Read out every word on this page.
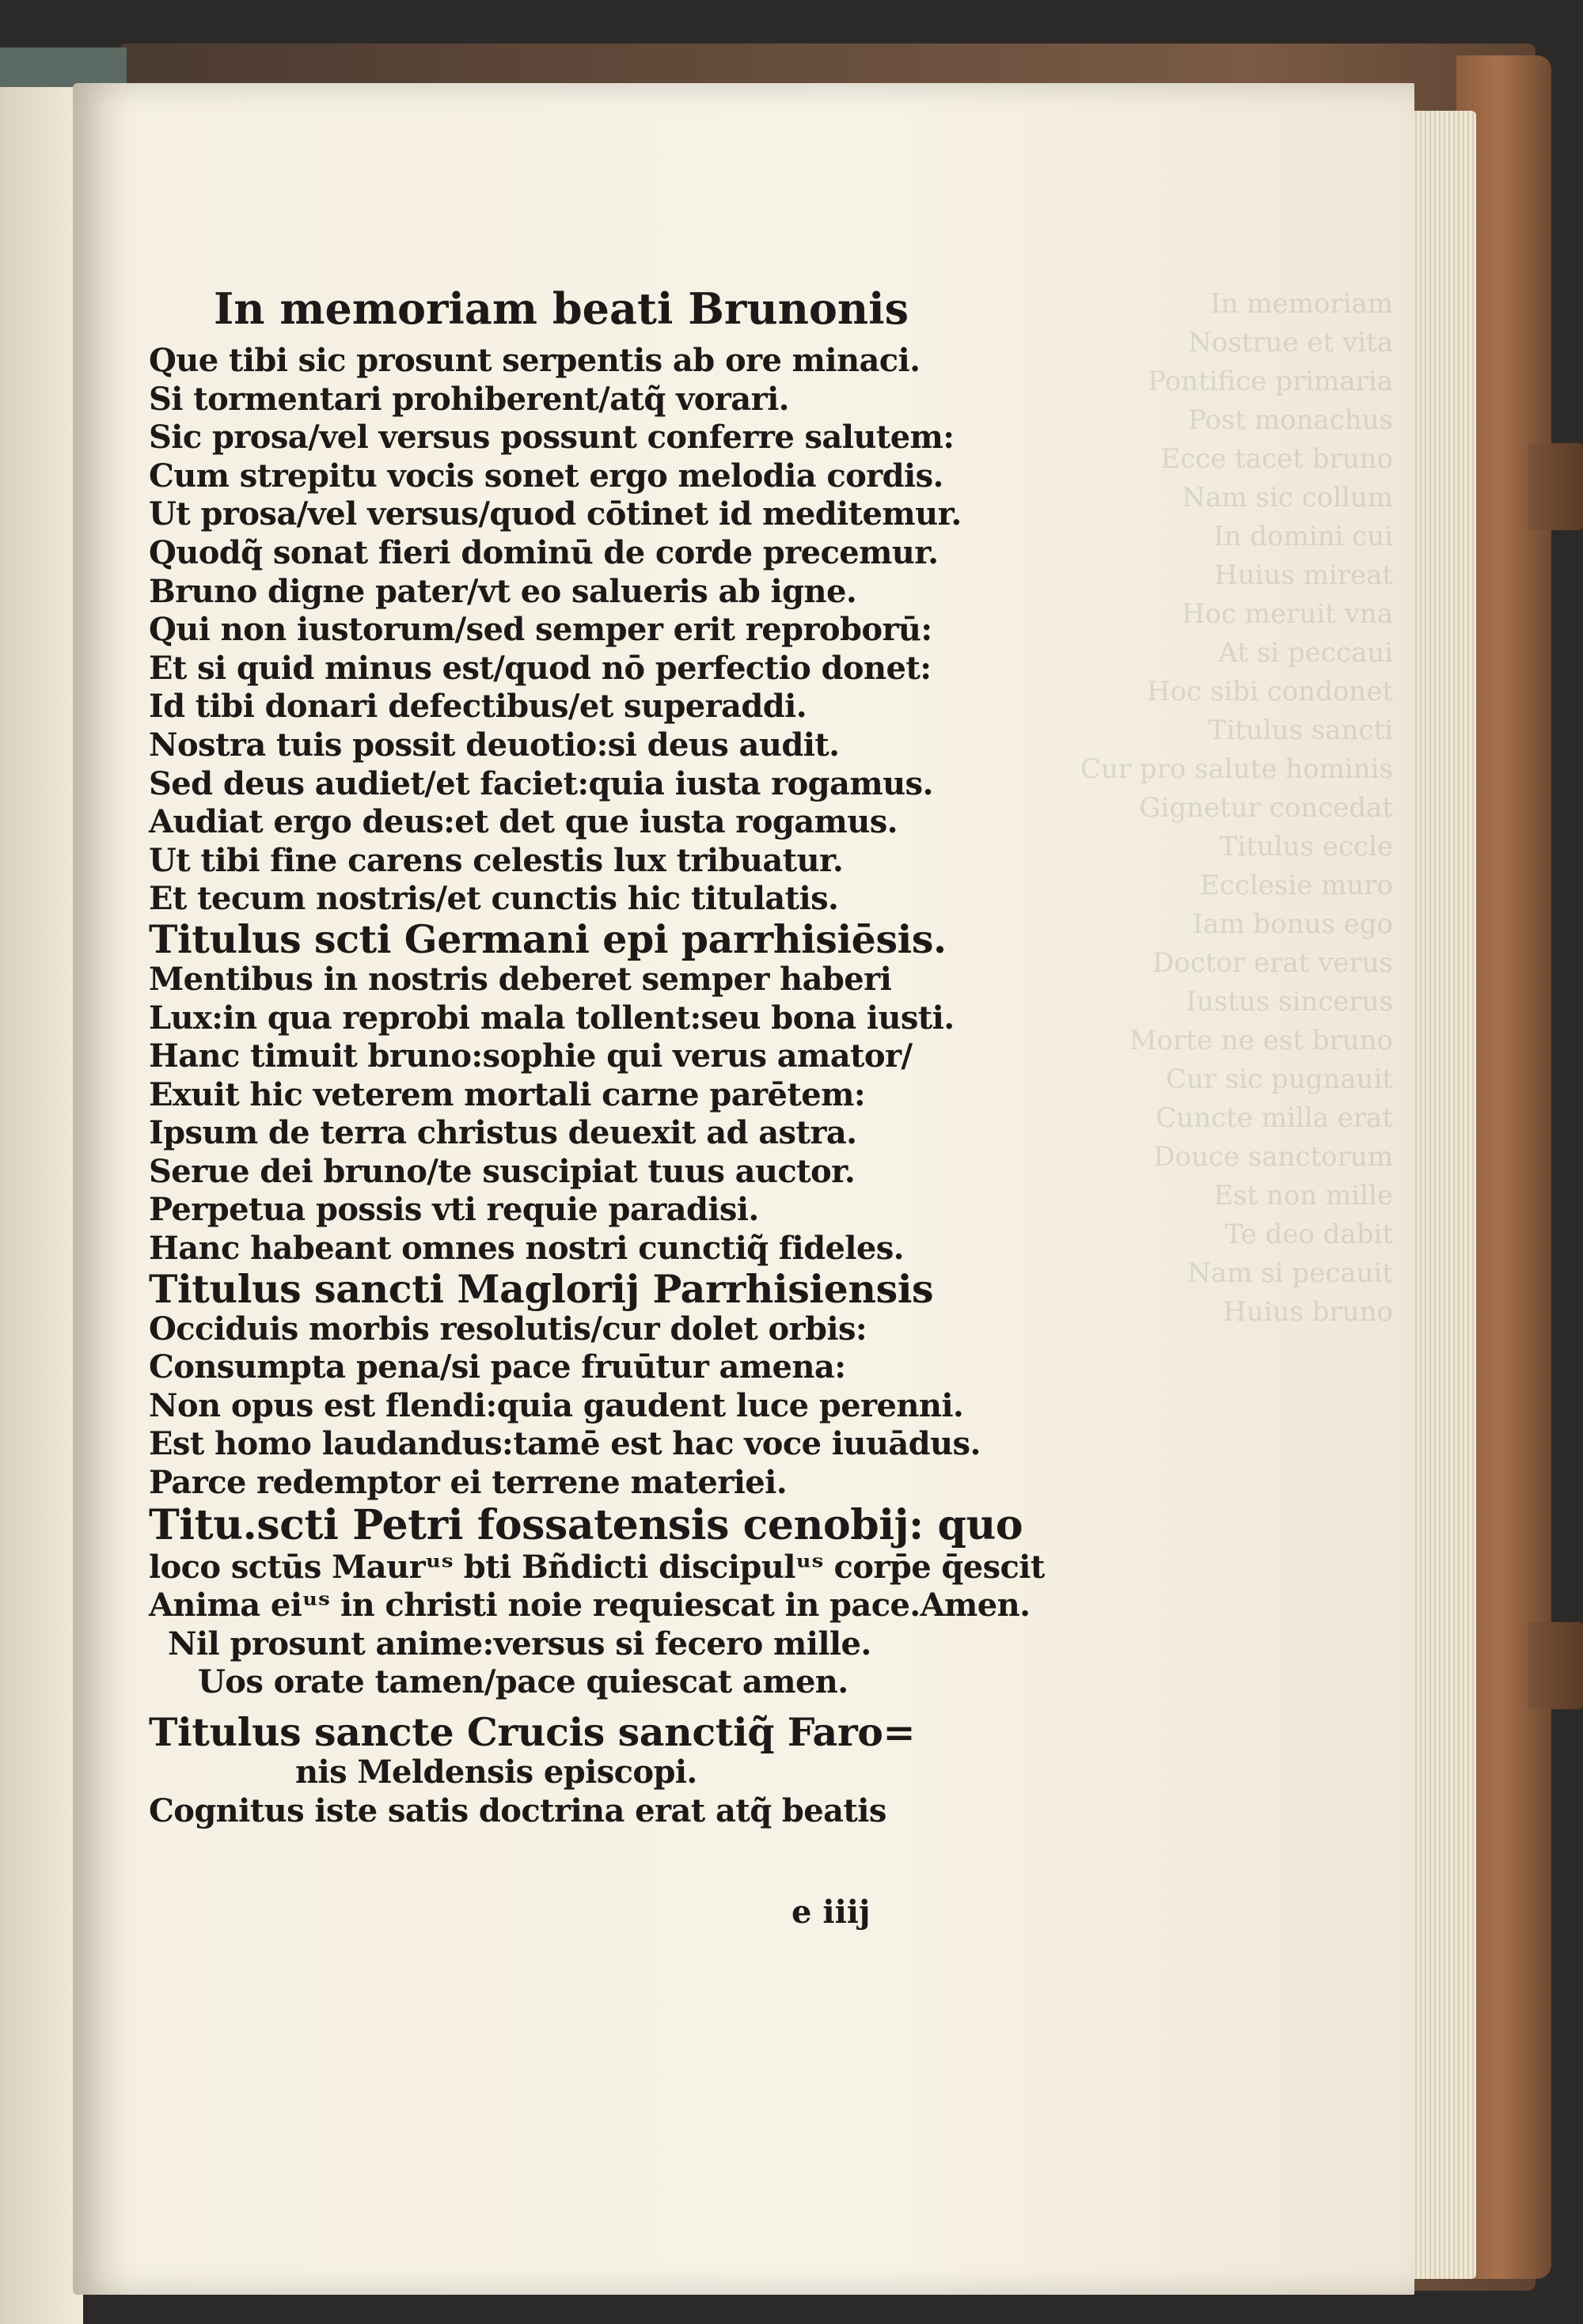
In memoriam
Nostrue et vita
Pontifice primaria
Post monachus
Ecce tacet bruno
Nam sic collum
In domini cui
Huius mireat
Hoc meruit vna
At si peccaui
Hoc sibi condonet
Titulus sancti
Cur pro salute hominis
Gignetur concedat
Titulus eccle
Ecclesie muro
Iam bonus ego
Doctor erat verus
Iustus sincerus
Morte ne est bruno
Cur sic pugnauit
Cuncte milla erat
Douce sanctorum
Est non mille
Te deo dabit
Nam si pecauit
Huius bruno
In memoriam beati Brunonis
Que tibi sic prosunt serpentis ab ore minaci.
Si tormentari prohiberent/atq̃ vorari.
Sic prosa/vel versus possunt conferre salutem:
Cum strepitu vocis sonet ergo melodia cordis.
Ut prosa/vel versus/quod cōtinet id meditemur.
Quodq̃ sonat fieri dominū de corde precemur.
Bruno digne pater/vt eo salueris ab igne.
Qui non iustorum/sed semper erit reproborū:
Et si quid minus est/quod nō perfectio donet:
Id tibi donari defectibus/et superaddi.
Nostra tuis possit deuotio:si deus audit.
Sed deus audiet/et faciet:quia iusta rogamus.
Audiat ergo deus:et det que iusta rogamus.
Ut tibi fine carens celestis lux tribuatur.
Et tecum nostris/et cunctis hic titulatis.
Titulus scti Germani epi parrhisiēsis.
Mentibus in nostris deberet semper haberi
Lux:in qua reprobi mala tollent:seu bona iusti.
Hanc timuit bruno:sophie qui verus amator/
Exuit hic veterem mortali carne parētem:
Ipsum de terra christus deuexit ad astra.
Serue dei bruno/te suscipiat tuus auctor.
Perpetua possis vti requie paradisi.
Hanc habeant omnes nostri cunctiq̃ fideles.
Titulus sancti Maglorij Parrhisiensis
Occiduis morbis resolutis/cur dolet orbis:
Consumpta pena/si pace fruūtur amena:
Non opus est flendi:quia gaudent luce perenni.
Est homo laudandus:tamē est hac voce iuuādus.
Parce redemptor ei terrene materiei.
Titu.scti Petri fossatensis cenobij: quo
loco sctūs Maurᵘˢ bti Bñdicti discipulᵘˢ corp̄e q̄escit
Anima eiᵘˢ in christi noie requiescat in pace.Amen.
Nil prosunt anime:versus si fecero mille.
Uos orate tamen/pace quiescat amen.
Titulus sancte Crucis sanctiq̃ Faro=
nis Meldensis episcopi.
Cognitus iste satis doctrina erat atq̃ beatis
e iiij
